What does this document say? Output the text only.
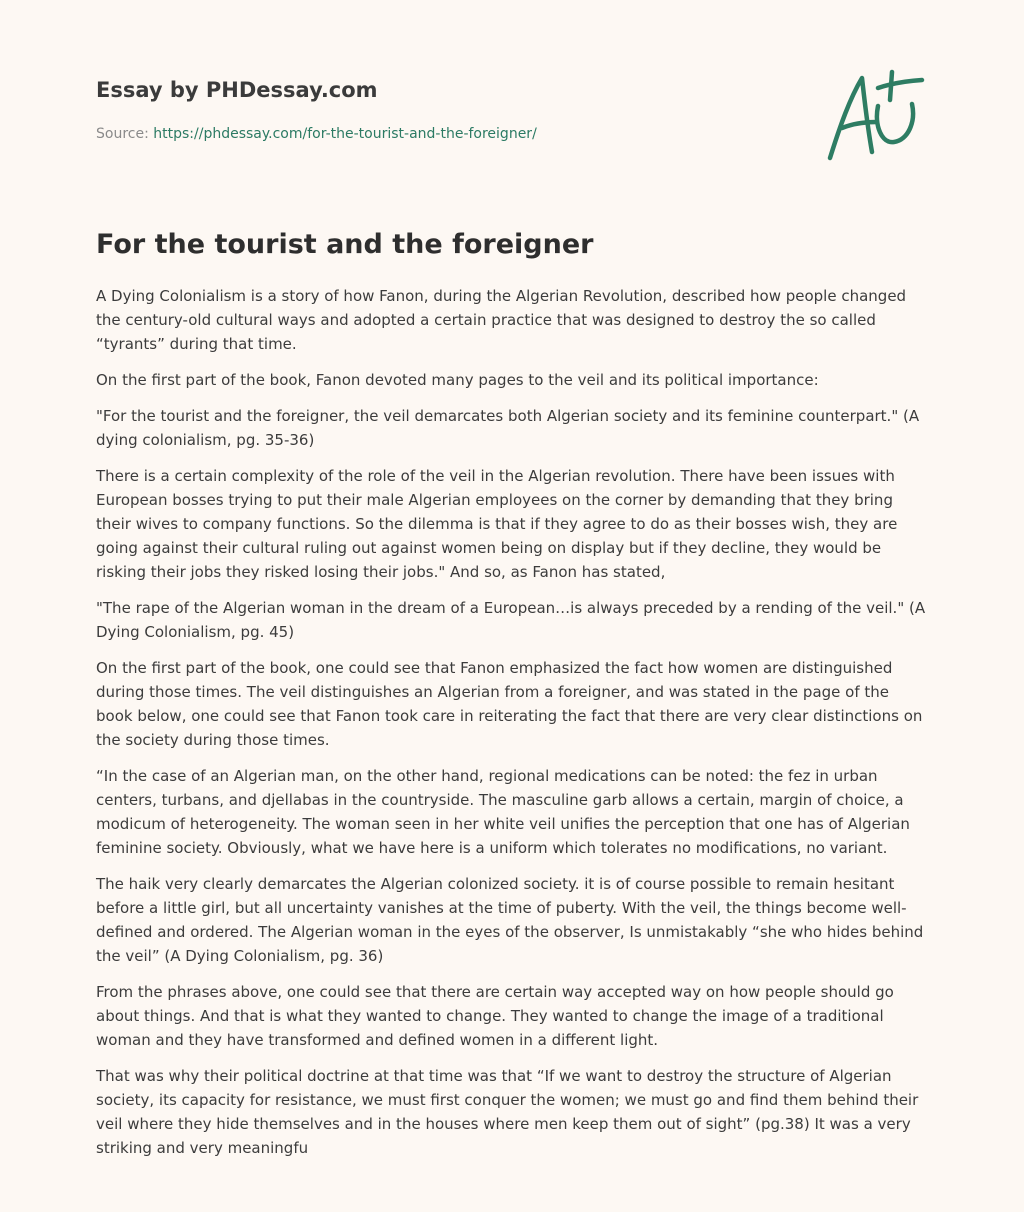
Essay by PHDessay.com
Source: https://phdessay.com/for-the-tourist-and-the-foreigner/
For the tourist and the foreigner

A Dying Colonialism is a story of how Fanon, during the Algerian Revolution, described how people changed the century-old cultural ways and adopted a certain practice that was designed to destroy the so called “tyrants” during that time.

On the first part of the book, Fanon devoted many pages to the veil and its political importance:

"For the tourist and the foreigner, the veil demarcates both Algerian society and its feminine counterpart." (A dying colonialism, pg. 35-36)

There is a certain complexity of the role of the veil in the Algerian revolution. There have been issues with European bosses trying to put their male Algerian employees on the corner by demanding that they bring their wives to company functions. So the dilemma is that if they agree to do as their bosses wish, they are going against their cultural ruling out against women being on display but if they decline, they would be risking their jobs they risked losing their jobs." And so, as Fanon has stated,

"The rape of the Algerian woman in the dream of a European…is always preceded by a rending of the veil." (A Dying Colonialism, pg. 45)

On the first part of the book, one could see that Fanon emphasized the fact how women are distinguished during those times. The veil distinguishes an Algerian from a foreigner, and was stated in the page of the book below, one could see that Fanon took care in reiterating the fact that there are very clear distinctions on the society during those times.

“In the case of an Algerian man, on the other hand, regional medications can be noted: the fez in urban centers, turbans, and djellabas in the countryside. The masculine garb allows a certain, margin of choice, a modicum of heterogeneity. The woman seen in her white veil unifies the perception that one has of Algerian feminine society. Obviously, what we have here is a uniform which tolerates no modifications, no variant.

The haik very clearly demarcates the Algerian colonized society. it is of course possible to remain hesitant before a little girl, but all uncertainty vanishes at the time of puberty. With the veil, the things become well-defined and ordered. The Algerian woman in the eyes of the observer, Is unmistakably “she who hides behind the veil” (A Dying Colonialism, pg. 36)

From the phrases above, one could see that there are certain way accepted way on how people should go about things. And that is what they wanted to change. They wanted to change the image of a traditional woman and they have transformed and defined women in a different light.

That was why their political doctrine at that time was that “If we want to destroy the structure of Algerian society, its capacity for resistance, we must first conquer the women; we must go and find them behind their veil where they hide themselves and in the houses where men keep them out of sight” (pg.38) It was a very striking and very meaningfu
